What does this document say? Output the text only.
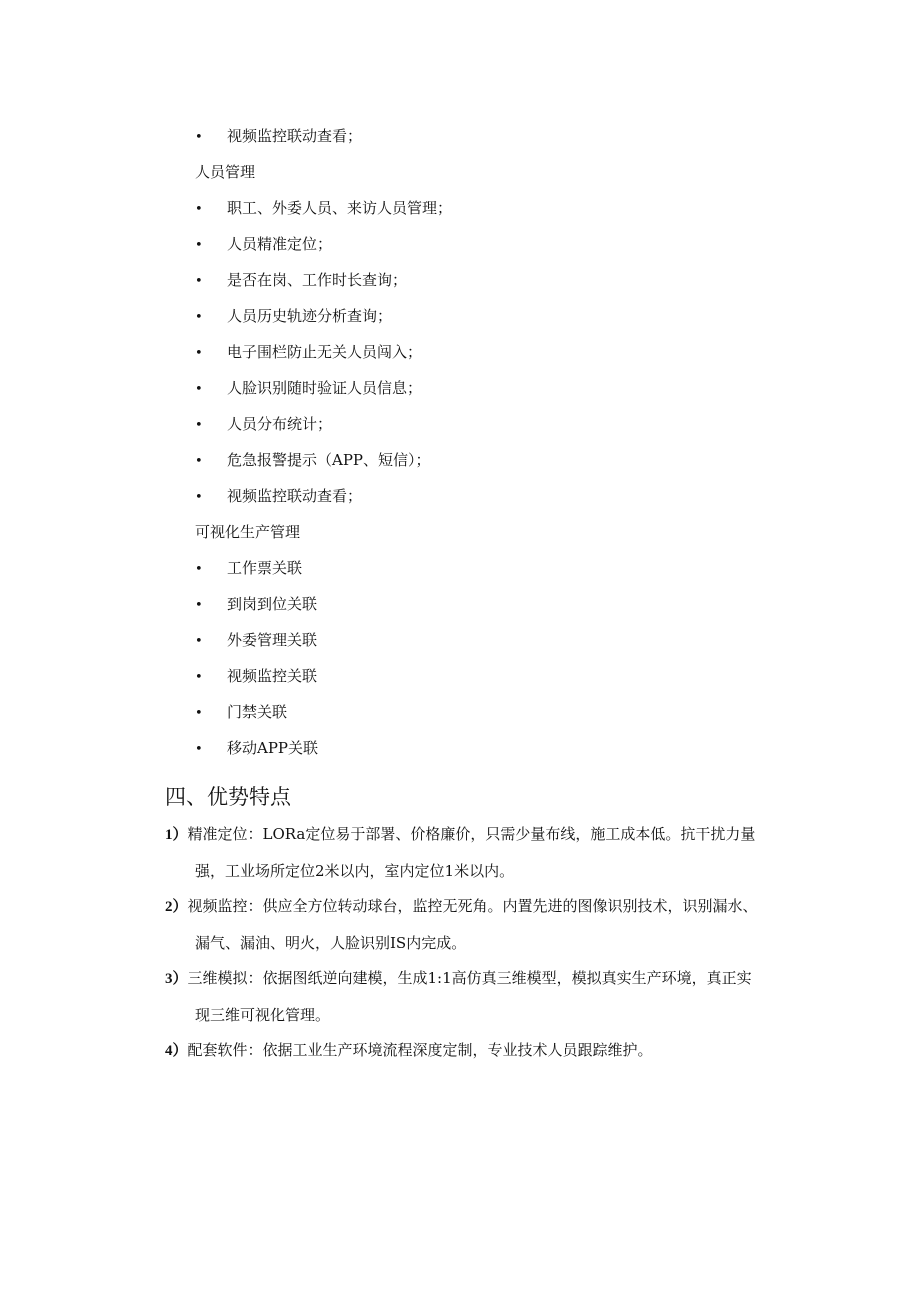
• 视频监控联动查看；
人员管理
• 职工、外委人员、来访人员管理；
• 人员精准定位；
• 是否在岗、工作时长查询；
• 人员历史轨迹分析查询；
• 电子围栏防止无关人员闯入；
• 人脸识别随时验证人员信息；
• 人员分布统计；
• 危急报警提示（APP、短信）；
• 视频监控联动查看；
可视化生产管理
• 工作票关联
• 到岗到位关联
• 外委管理关联
• 视频监控关联
• 门禁关联
• 移动APP关联
四、优势特点
1）精准定位：LORa定位易于部署、价格廉价，只需少量布线，施工成本低。抗干扰力量
强，工业场所定位2米以内，室内定位1米以内。
2）视频监控：供应全方位转动球台，监控无死角。内置先进的图像识别技术，识别漏水、
漏气、漏油、明火，人脸识别IS内完成。
3）三维模拟：依据图纸逆向建模，生成1:1高仿真三维模型，模拟真实生产环境，真正实
现三维可视化管理。
4）配套软件：依据工业生产环境流程深度定制，专业技术人员跟踪维护。
